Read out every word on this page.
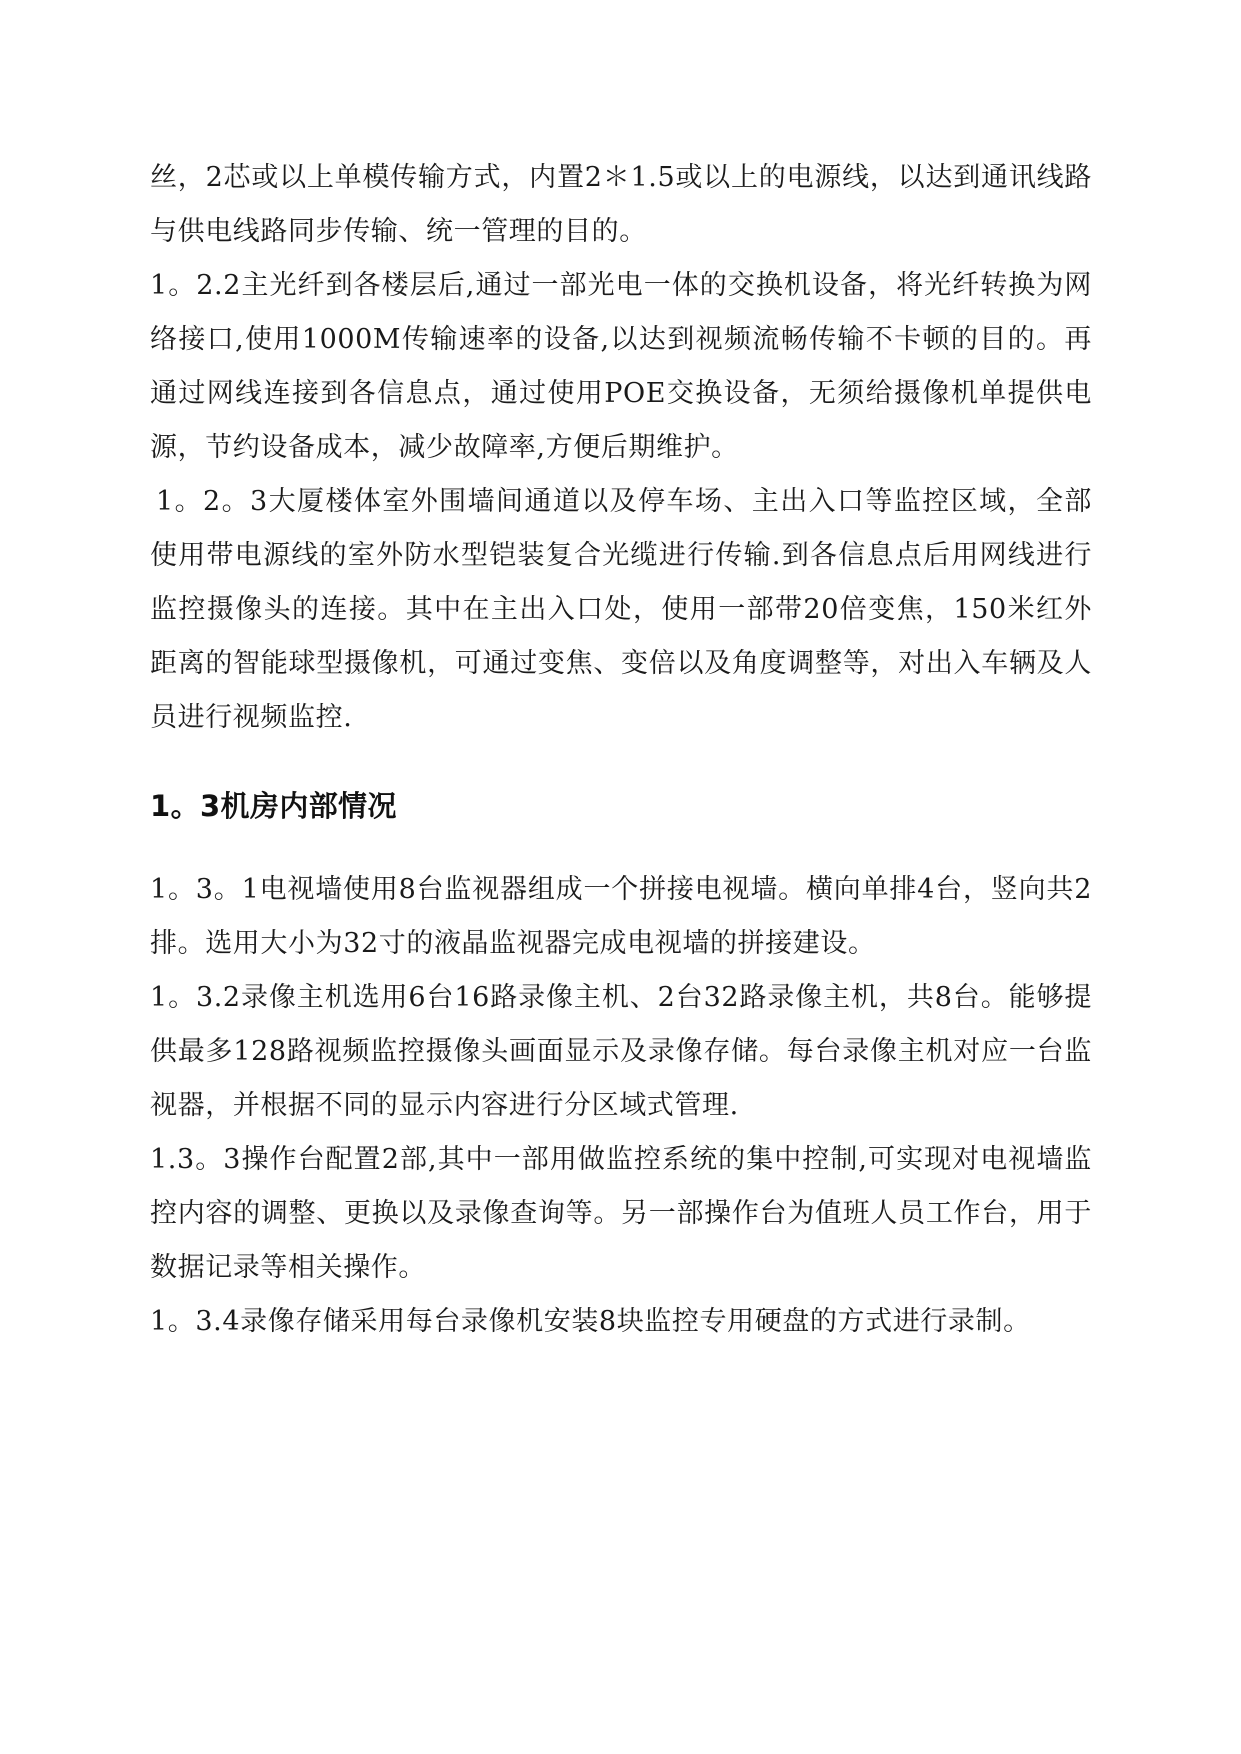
丝，2芯或以上单模传输方式，内置2＊1.5或以上的电源线，以达到通讯线路与供电线路同步传输、统一管理的目的。

1。2.2主光纤到各楼层后,通过一部光电一体的交换机设备，将光纤转换为网络接口,使用1000M传输速率的设备,以达到视频流畅传输不卡顿的目的。再通过网线连接到各信息点，通过使用POE交换设备，无须给摄像机单提供电源，节约设备成本，减少故障率,方便后期维护。

1。2。3大厦楼体室外围墙间通道以及停车场、主出入口等监控区域，全部使用带电源线的室外防水型铠装复合光缆进行传输.到各信息点后用网线进行监控摄像头的连接。其中在主出入口处，使用一部带20倍变焦，150米红外距离的智能球型摄像机，可通过变焦、变倍以及角度调整等，对出入车辆及人员进行视频监控.

1。3机房内部情况

1。3。1电视墙使用8台监视器组成一个拼接电视墙。横向单排4台，竖向共2排。选用大小为32寸的液晶监视器完成电视墙的拼接建设。

1。3.2录像主机选用6台16路录像主机、2台32路录像主机，共8台。能够提供最多128路视频监控摄像头画面显示及录像存储。每台录像主机对应一台监视器，并根据不同的显示内容进行分区域式管理.

1.3。3操作台配置2部,其中一部用做监控系统的集中控制,可实现对电视墙监控内容的调整、更换以及录像查询等。另一部操作台为值班人员工作台，用于数据记录等相关操作。

1。3.4录像存储采用每台录像机安装8块监控专用硬盘的方式进行录制。
